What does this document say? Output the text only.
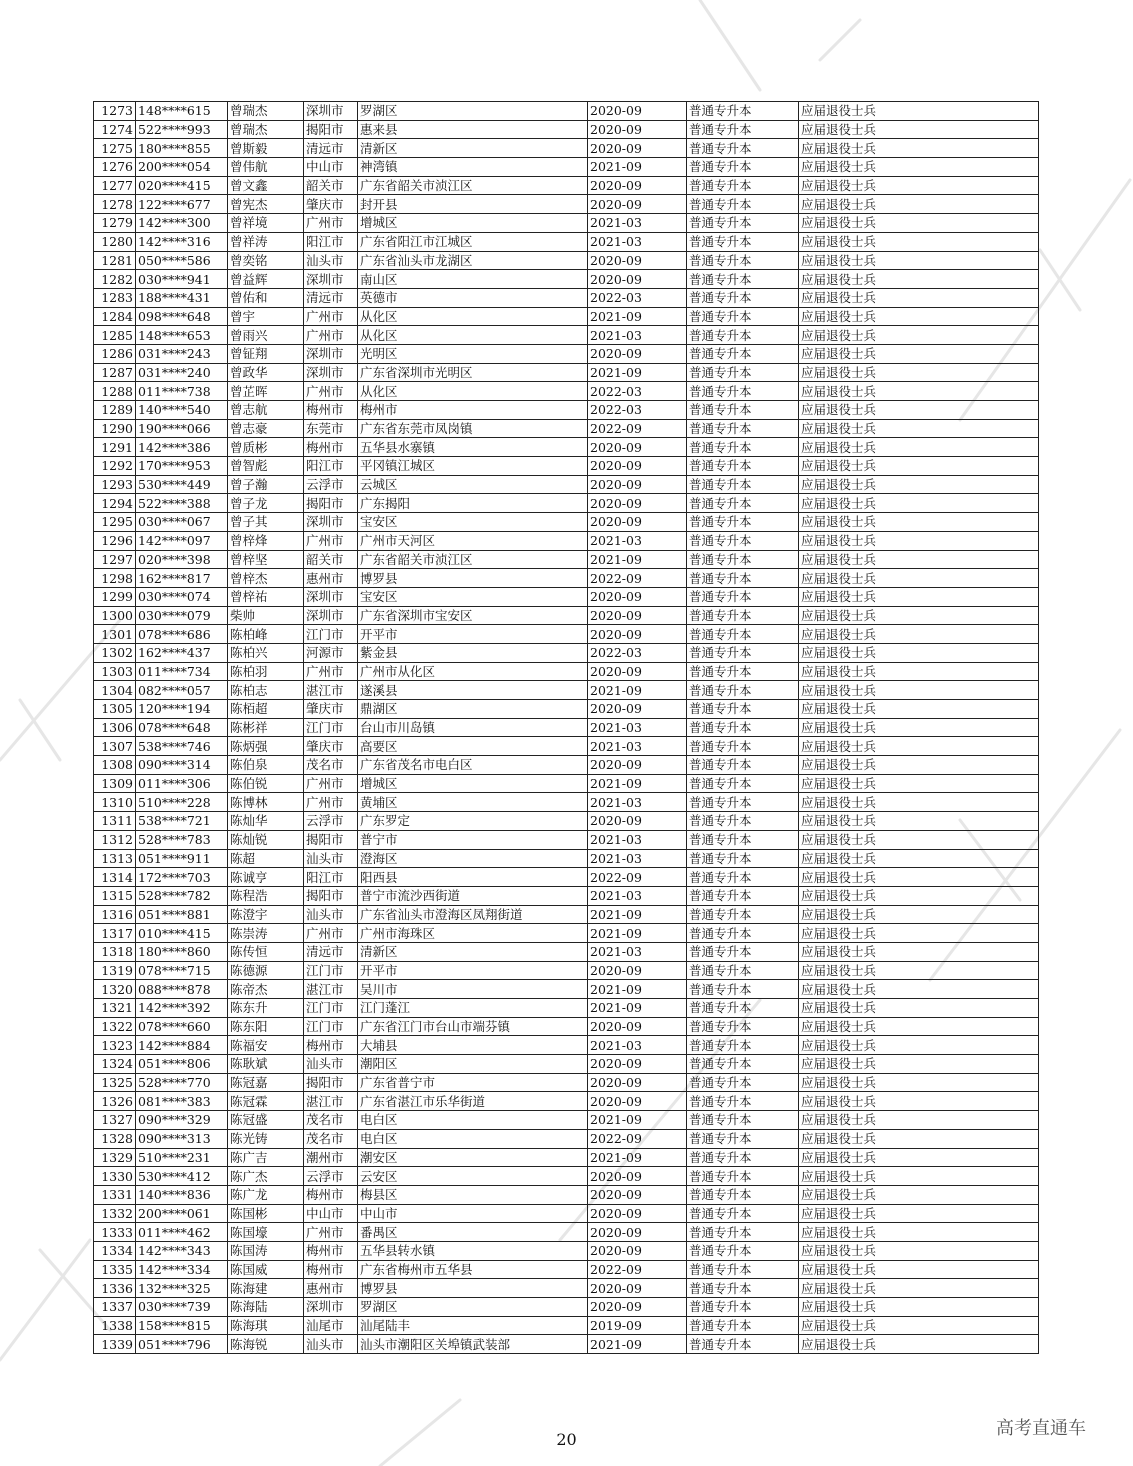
1273	148****615	曾瑞杰	深圳市	罗湖区	2020-09	普通专升本	应届退役士兵
1274	522****993	曾瑞杰	揭阳市	惠来县	2020-09	普通专升本	应届退役士兵
1275	180****855	曾斯毅	清远市	清新区	2020-09	普通专升本	应届退役士兵
1276	200****054	曾伟航	中山市	神湾镇	2021-09	普通专升本	应届退役士兵
1277	020****415	曾文鑫	韶关市	广东省韶关市浈江区	2020-09	普通专升本	应届退役士兵
1278	122****677	曾宪杰	肇庆市	封开县	2020-09	普通专升本	应届退役士兵
1279	142****300	曾祥境	广州市	增城区	2021-03	普通专升本	应届退役士兵
1280	142****316	曾祥涛	阳江市	广东省阳江市江城区	2021-03	普通专升本	应届退役士兵
1281	050****586	曾奕铭	汕头市	广东省汕头市龙湖区	2020-09	普通专升本	应届退役士兵
1282	030****941	曾益辉	深圳市	南山区	2020-09	普通专升本	应届退役士兵
1283	188****431	曾佑和	清远市	英德市	2022-03	普通专升本	应届退役士兵
1284	098****648	曾宇	广州市	从化区	2021-09	普通专升本	应届退役士兵
1285	148****653	曾雨兴	广州市	从化区	2021-03	普通专升本	应届退役士兵
1286	031****243	曾钲翔	深圳市	光明区	2020-09	普通专升本	应届退役士兵
1287	031****240	曾政华	深圳市	广东省深圳市光明区	2021-09	普通专升本	应届退役士兵
1288	011****738	曾芷晖	广州市	从化区	2022-03	普通专升本	应届退役士兵
1289	140****540	曾志航	梅州市	梅州市	2022-03	普通专升本	应届退役士兵
1290	190****066	曾志豪	东莞市	广东省东莞市凤岗镇	2022-09	普通专升本	应届退役士兵
1291	142****386	曾质彬	梅州市	五华县水寨镇	2020-09	普通专升本	应届退役士兵
1292	170****953	曾智彪	阳江市	平冈镇江城区	2020-09	普通专升本	应届退役士兵
1293	530****449	曾子瀚	云浮市	云城区	2020-09	普通专升本	应届退役士兵
1294	522****388	曾子龙	揭阳市	广东揭阳	2020-09	普通专升本	应届退役士兵
1295	030****067	曾子其	深圳市	宝安区	2020-09	普通专升本	应届退役士兵
1296	142****097	曾梓烽	广州市	广州市天河区	2021-03	普通专升本	应届退役士兵
1297	020****398	曾梓坚	韶关市	广东省韶关市浈江区	2021-09	普通专升本	应届退役士兵
1298	162****817	曾梓杰	惠州市	博罗县	2022-09	普通专升本	应届退役士兵
1299	030****074	曾梓祐	深圳市	宝安区	2020-09	普通专升本	应届退役士兵
1300	030****079	柴帅	深圳市	广东省深圳市宝安区	2020-09	普通专升本	应届退役士兵
1301	078****686	陈柏峰	江门市	开平市	2020-09	普通专升本	应届退役士兵
1302	162****437	陈柏兴	河源市	紫金县	2022-03	普通专升本	应届退役士兵
1303	011****734	陈柏羽	广州市	广州市从化区	2020-09	普通专升本	应届退役士兵
1304	082****057	陈柏志	湛江市	遂溪县	2021-09	普通专升本	应届退役士兵
1305	120****194	陈栢超	肇庆市	鼎湖区	2020-09	普通专升本	应届退役士兵
1306	078****648	陈彬祥	江门市	台山市川岛镇	2021-03	普通专升本	应届退役士兵
1307	538****746	陈炳强	肇庆市	高要区	2021-03	普通专升本	应届退役士兵
1308	090****314	陈伯泉	茂名市	广东省茂名市电白区	2020-09	普通专升本	应届退役士兵
1309	011****306	陈伯锐	广州市	增城区	2021-09	普通专升本	应届退役士兵
1310	510****228	陈博林	广州市	黄埔区	2021-03	普通专升本	应届退役士兵
1311	538****721	陈灿华	云浮市	广东罗定	2020-09	普通专升本	应届退役士兵
1312	528****783	陈灿锐	揭阳市	普宁市	2021-03	普通专升本	应届退役士兵
1313	051****911	陈超	汕头市	澄海区	2021-03	普通专升本	应届退役士兵
1314	172****703	陈诚亨	阳江市	阳西县	2022-09	普通专升本	应届退役士兵
1315	528****782	陈程浩	揭阳市	普宁市流沙西街道	2021-03	普通专升本	应届退役士兵
1316	051****881	陈澄宇	汕头市	广东省汕头市澄海区凤翔街道	2021-09	普通专升本	应届退役士兵
1317	010****415	陈崇涛	广州市	广州市海珠区	2021-09	普通专升本	应届退役士兵
1318	180****860	陈传恒	清远市	清新区	2021-03	普通专升本	应届退役士兵
1319	078****715	陈德源	江门市	开平市	2020-09	普通专升本	应届退役士兵
1320	088****878	陈帝杰	湛江市	吴川市	2021-09	普通专升本	应届退役士兵
1321	142****392	陈东升	江门市	江门蓬江	2021-09	普通专升本	应届退役士兵
1322	078****660	陈东阳	江门市	广东省江门市台山市端芬镇	2020-09	普通专升本	应届退役士兵
1323	142****884	陈福安	梅州市	大埔县	2021-03	普通专升本	应届退役士兵
1324	051****806	陈耿斌	汕头市	潮阳区	2020-09	普通专升本	应届退役士兵
1325	528****770	陈冠嘉	揭阳市	广东省普宁市	2020-09	普通专升本	应届退役士兵
1326	081****383	陈冠霖	湛江市	广东省湛江市乐华街道	2020-09	普通专升本	应届退役士兵
1327	090****329	陈冠盛	茂名市	电白区	2021-09	普通专升本	应届退役士兵
1328	090****313	陈光铸	茂名市	电白区	2022-09	普通专升本	应届退役士兵
1329	510****231	陈广吉	潮州市	潮安区	2021-09	普通专升本	应届退役士兵
1330	530****412	陈广杰	云浮市	云安区	2020-09	普通专升本	应届退役士兵
1331	140****836	陈广龙	梅州市	梅县区	2020-09	普通专升本	应届退役士兵
1332	200****061	陈国彬	中山市	中山市	2020-09	普通专升本	应届退役士兵
1333	011****462	陈国壕	广州市	番禺区	2020-09	普通专升本	应届退役士兵
1334	142****343	陈国涛	梅州市	五华县转水镇	2020-09	普通专升本	应届退役士兵
1335	142****334	陈国威	梅州市	广东省梅州市五华县	2022-09	普通专升本	应届退役士兵
1336	132****325	陈海建	惠州市	博罗县	2020-09	普通专升本	应届退役士兵
1337	030****739	陈海陆	深圳市	罗湖区	2020-09	普通专升本	应届退役士兵
1338	158****815	陈海琪	汕尾市	汕尾陆丰	2019-09	普通专升本	应届退役士兵
1339	051****796	陈海锐	汕头市	汕头市潮阳区关埠镇武装部	2021-09	普通专升本	应届退役士兵
20
高考直通车
